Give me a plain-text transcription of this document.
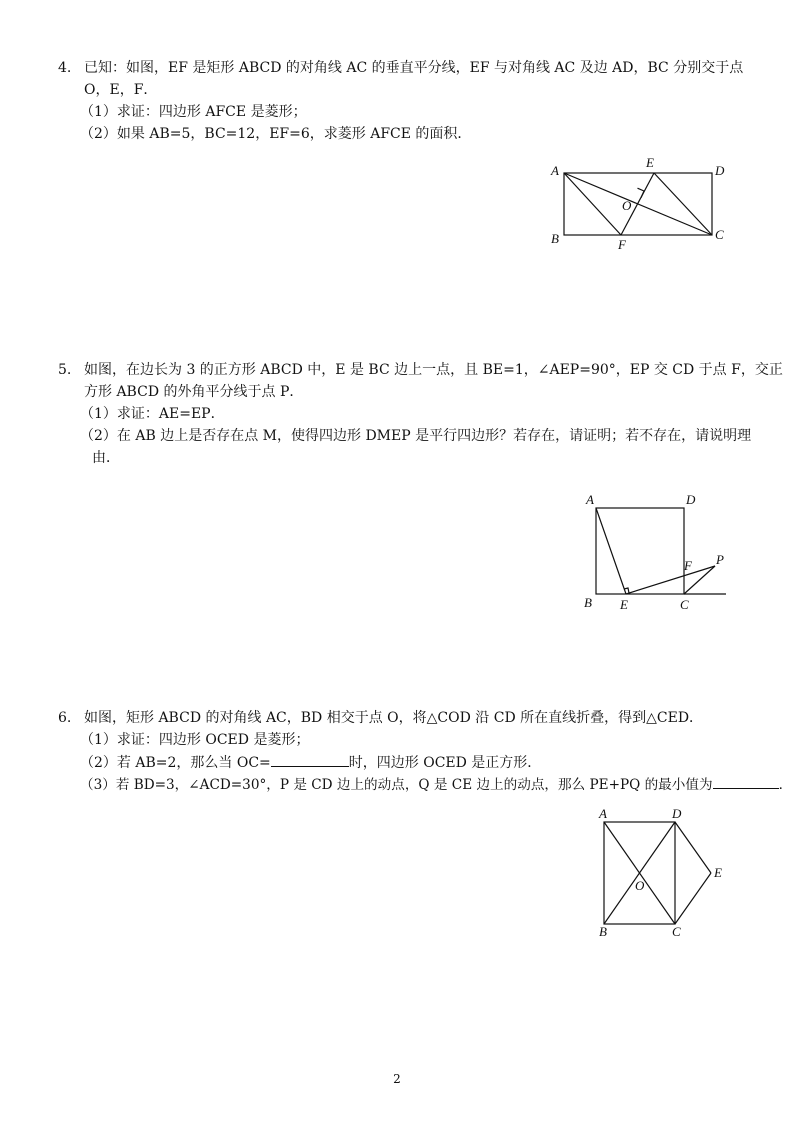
4. 已知：如图，EF 是矩形 ABCD 的对角线 AC 的垂直平分线，EF 与对角线 AC 及边 AD，BC 分别交于点
O，E，F．
（1）求证：四边形 AFCE 是菱形；
（2）如果 AB=5，BC=12，EF=6，求菱形 AFCE 的面积．
A
B	C
D
E
F
O
5. 如图，在边长为 3 的正方形 ABCD 中，E 是 BC 边上一点，且 BE=1，∠AEP=90°，EP 交 CD 于点 F，交正
方形 ABCD 的外角平分线于点 P．
（1）求证：AE=EP．
（2）在 AB 边上是否存在点 M，使得四边形 DMEP 是平行四边形？若存在，请证明；若不存在，请说明理
由．
A
B	C
D
E
F P
6. 如图，矩形 ABCD 的对角线 AC，BD 相交于点 O，将△COD 沿 CD 所在直线折叠，得到△CED．
（1）求证：四边形 OCED 是菱形；
（2）若 AB=2，那么当 OC=	时，四边形 OCED 是正方形．
（3）若 BD=3，∠ACD=30°，P 是 CD 边上的动点，Q 是 CE 边上的动点，那么 PE+PQ 的最小值为	．
A
B	C
D
E
O
2
